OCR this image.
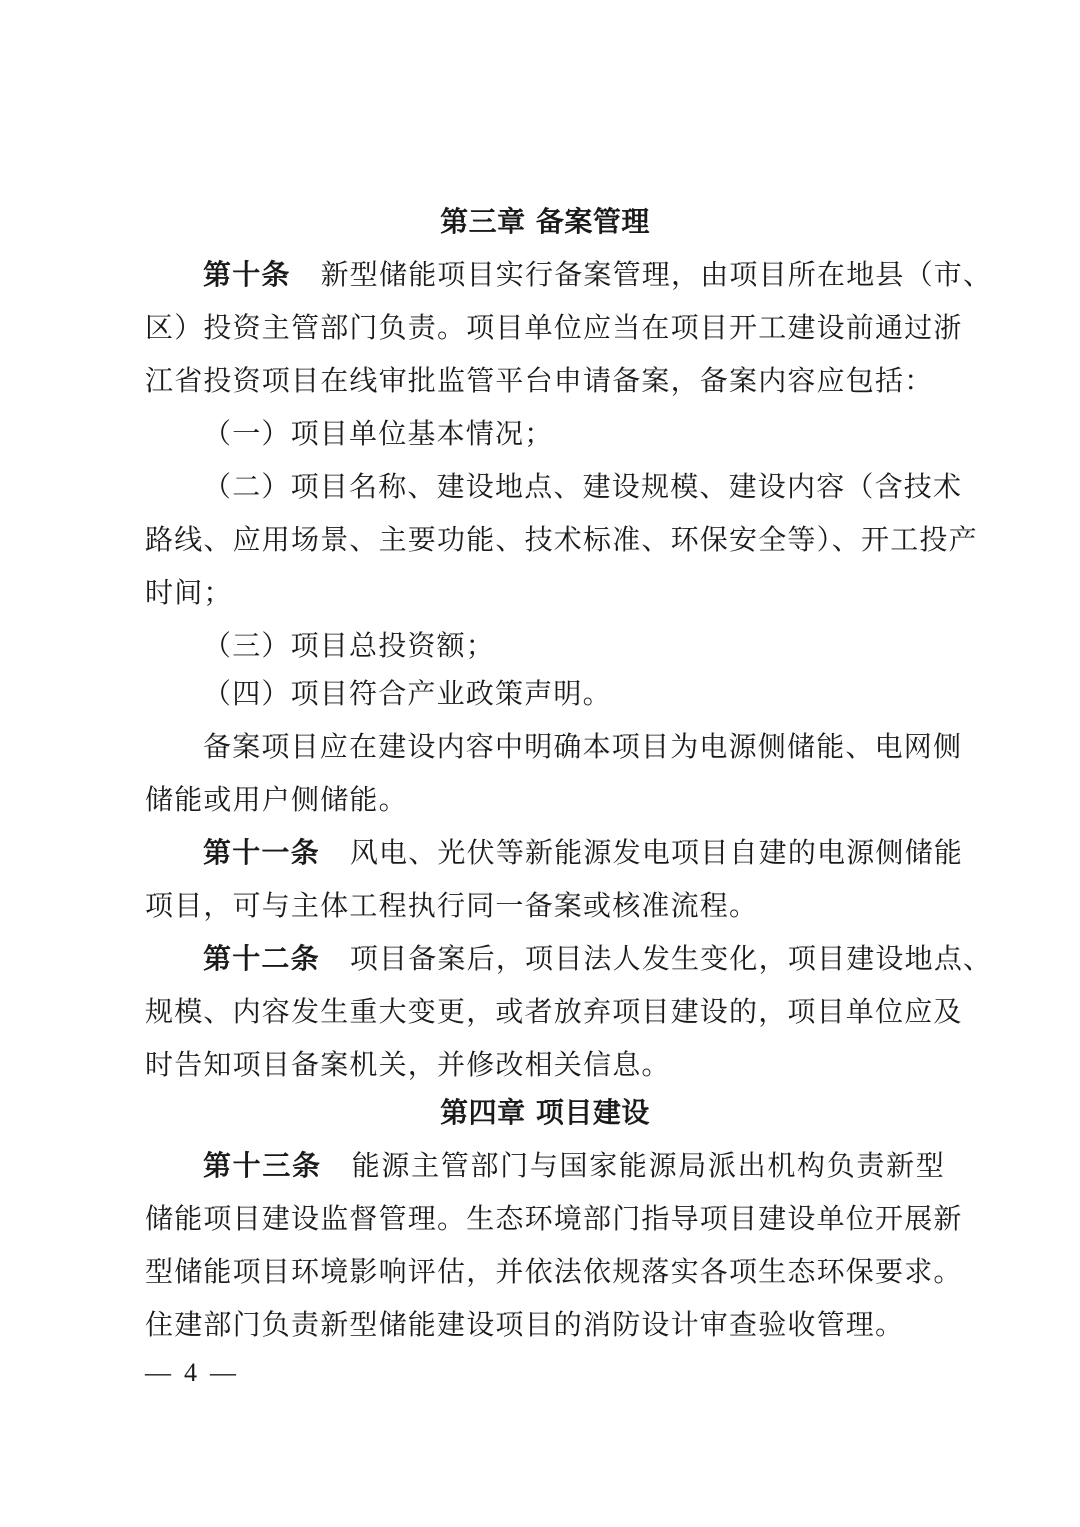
第三章 备案管理
第十条 新型储能项目实行备案管理，由项目所在地县（市、
区）投资主管部门负责。项目单位应当在项目开工建设前通过浙
江省投资项目在线审批监管平台申请备案，备案内容应包括：
（一）项目单位基本情况；
（二）项目名称、建设地点、建设规模、建设内容（含技术
路线、应用场景、主要功能、技术标准、环保安全等）、开工投产
时间；
（三）项目总投资额；
（四）项目符合产业政策声明。
备案项目应在建设内容中明确本项目为电源侧储能、电网侧
储能或用户侧储能。
第十一条 风电、光伏等新能源发电项目自建的电源侧储能
项目，可与主体工程执行同一备案或核准流程。
第十二条 项目备案后，项目法人发生变化，项目建设地点、
规模、内容发生重大变更，或者放弃项目建设的，项目单位应及
时告知项目备案机关，并修改相关信息。
第四章 项目建设
第十三条 能源主管部门与国家能源局派出机构负责新型
储能项目建设监督管理。生态环境部门指导项目建设单位开展新
型储能项目环境影响评估，并依法依规落实各项生态环保要求。
住建部门负责新型储能建设项目的消防设计审查验收管理。
—  4  —
